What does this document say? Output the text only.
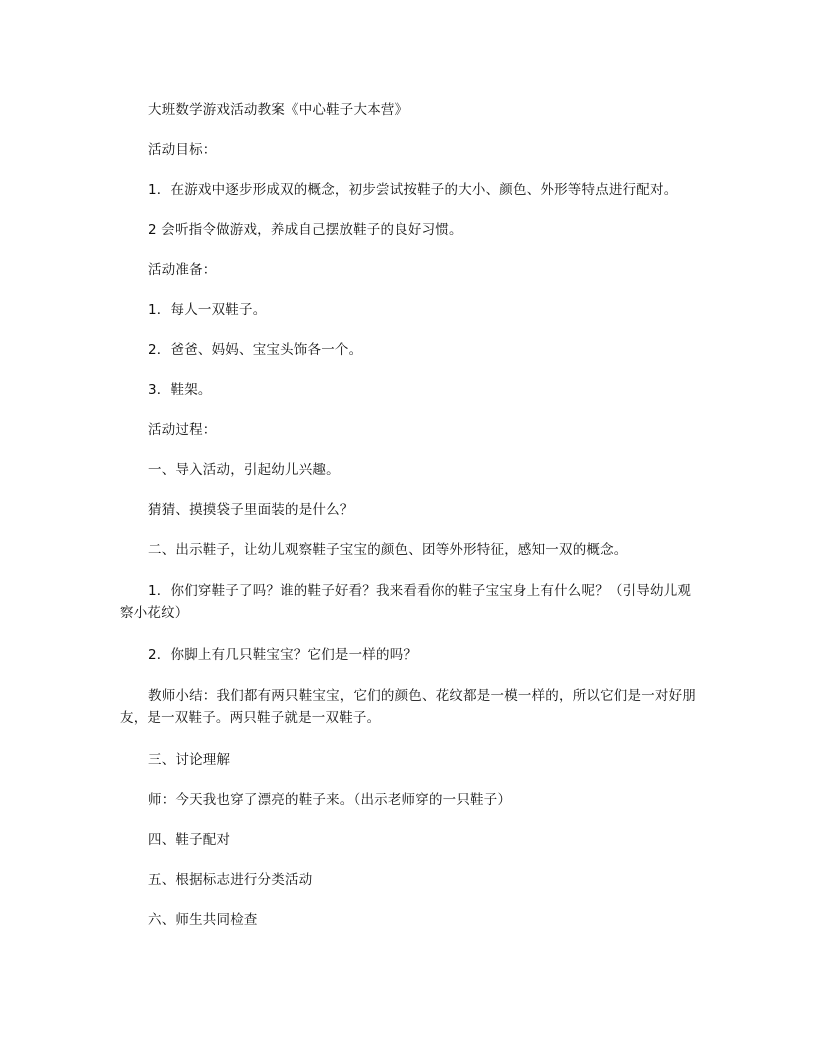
大班数学游戏活动教案《中心鞋子大本营》
活动目标：
1．在游戏中逐步形成双的概念，初步尝试按鞋子的大小、颜色、外形等特点进行配对。
2 会听指令做游戏，养成自己摆放鞋子的良好习惯。
活动准备：
1．每人一双鞋子。
2．爸爸、妈妈、宝宝头饰各一个。
3．鞋架。
活动过程：
一、导入活动，引起幼儿兴趣。
猜猜、摸摸袋子里面装的是什么？
二、出示鞋子，让幼儿观察鞋子宝宝的颜色、团等外形特征，感知一双的概念。
1．你们穿鞋子了吗？谁的鞋子好看？我来看看你的鞋子宝宝身上有什么呢？（引导幼儿观察小花纹）
2．你脚上有几只鞋宝宝？它们是一样的吗？
教师小结：我们都有两只鞋宝宝，它们的颜色、花纹都是一模一样的，所以它们是一对好朋友，是一双鞋子。两只鞋子就是一双鞋子。
三、讨论理解
师：今天我也穿了漂亮的鞋子来。（出示老师穿的一只鞋子）
四、鞋子配对
五、根据标志进行分类活动
六、师生共同检查
